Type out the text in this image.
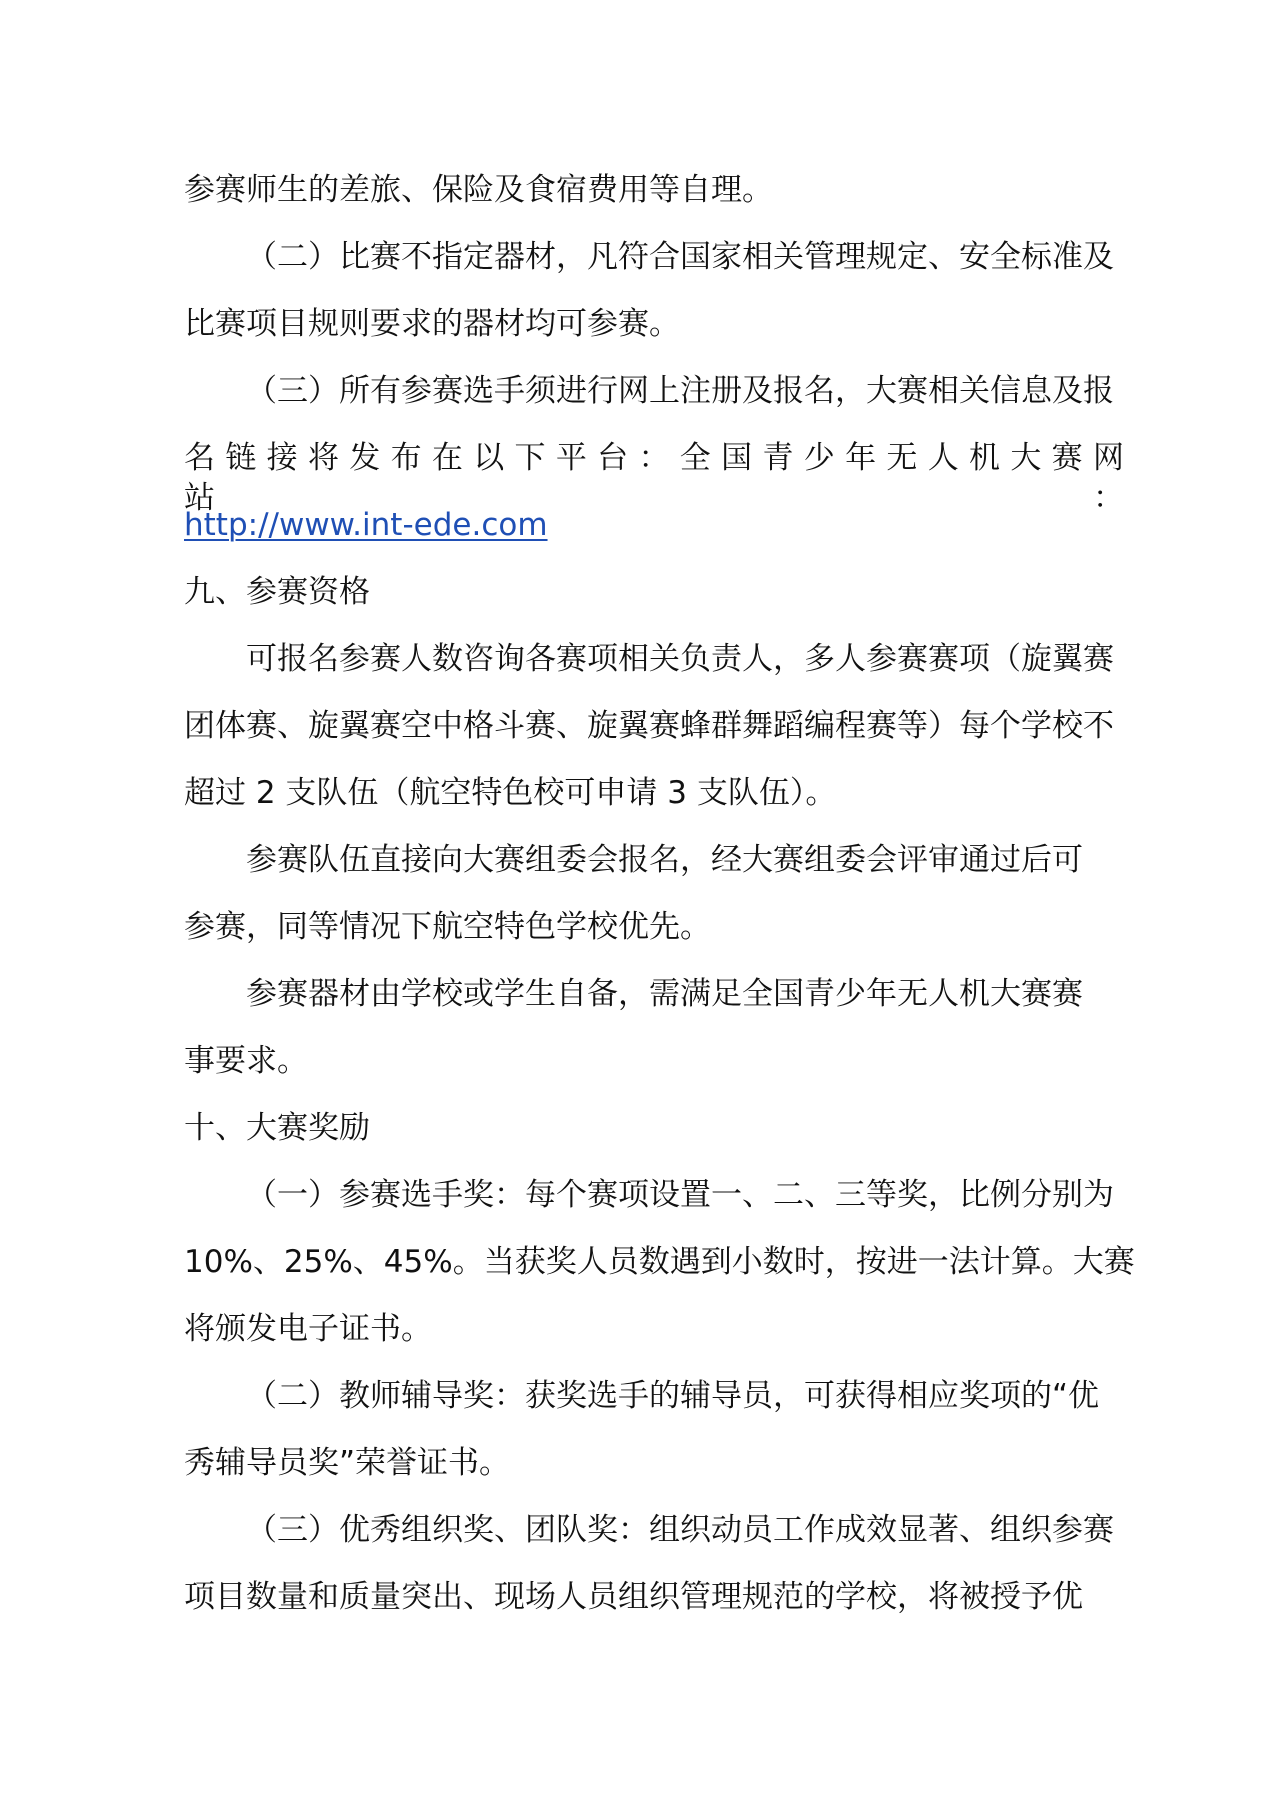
参赛师生的差旅、保险及食宿费用等自理。
（二）比赛不指定器材，凡符合国家相关管理规定、安全标准及
比赛项目规则要求的器材均可参赛。
（三）所有参赛选手须进行网上注册及报名，大赛相关信息及报
名 链 接 将 发 布 在 以 下 平 台 ： 全 国 青 少 年 无 人 机 大 赛 网 站 ：
http://www.int-ede.com
九、参赛资格
可报名参赛人数咨询各赛项相关负责人，多人参赛赛项（旋翼赛
团体赛、旋翼赛空中格斗赛、旋翼赛蜂群舞蹈编程赛等）每个学校不
超过 2 支队伍（航空特色校可申请 3 支队伍）。
参赛队伍直接向大赛组委会报名，经大赛组委会评审通过后可
参赛，同等情况下航空特色学校优先。
参赛器材由学校或学生自备，需满足全国青少年无人机大赛赛
事要求。
十、大赛奖励
（一）参赛选手奖：每个赛项设置一、二、三等奖，比例分别为
10%、25%、45%。当获奖人员数遇到小数时，按进一法计算。大赛
将颁发电子证书。
（二）教师辅导奖：获奖选手的辅导员，可获得相应奖项的“优
秀辅导员奖”荣誉证书。
（三）优秀组织奖、团队奖：组织动员工作成效显著、组织参赛
项目数量和质量突出、现场人员组织管理规范的学校，将被授予优
